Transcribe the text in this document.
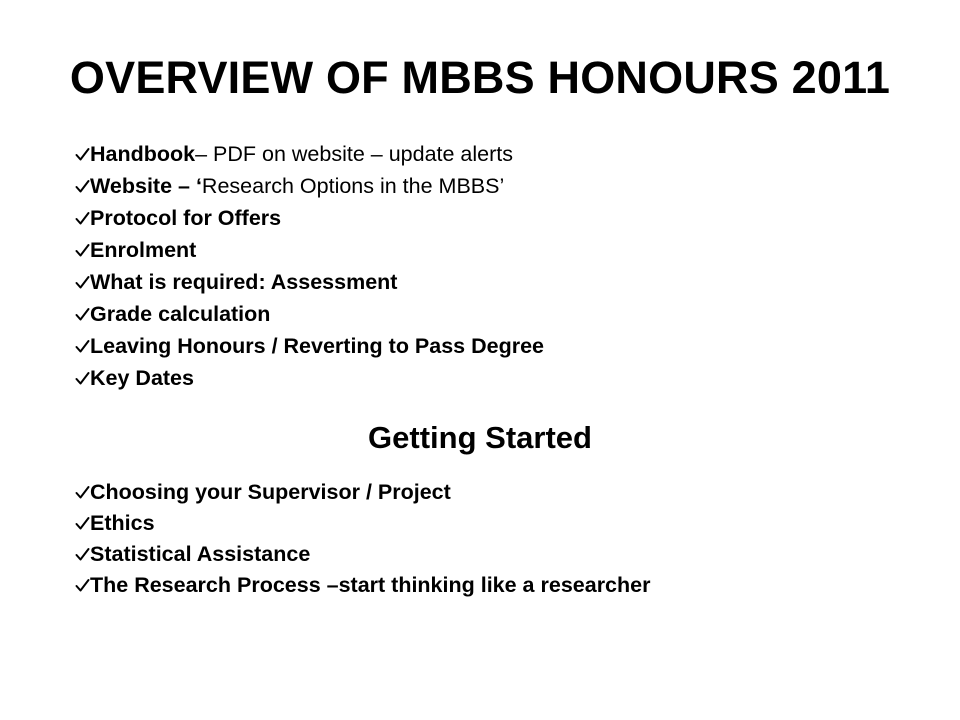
OVERVIEW OF MBBS HONOURS 2011
Handbook – PDF on website – update alerts
Website – ‘ Research Options in the MBBS’
Protocol for Offers
Enrolment
What is required: Assessment
Grade calculation
Leaving Honours / Reverting to Pass Degree
Key Dates
Getting Started
Choosing your Supervisor / Project
Ethics
Statistical Assistance
The Research Process –start thinking like a researcher
